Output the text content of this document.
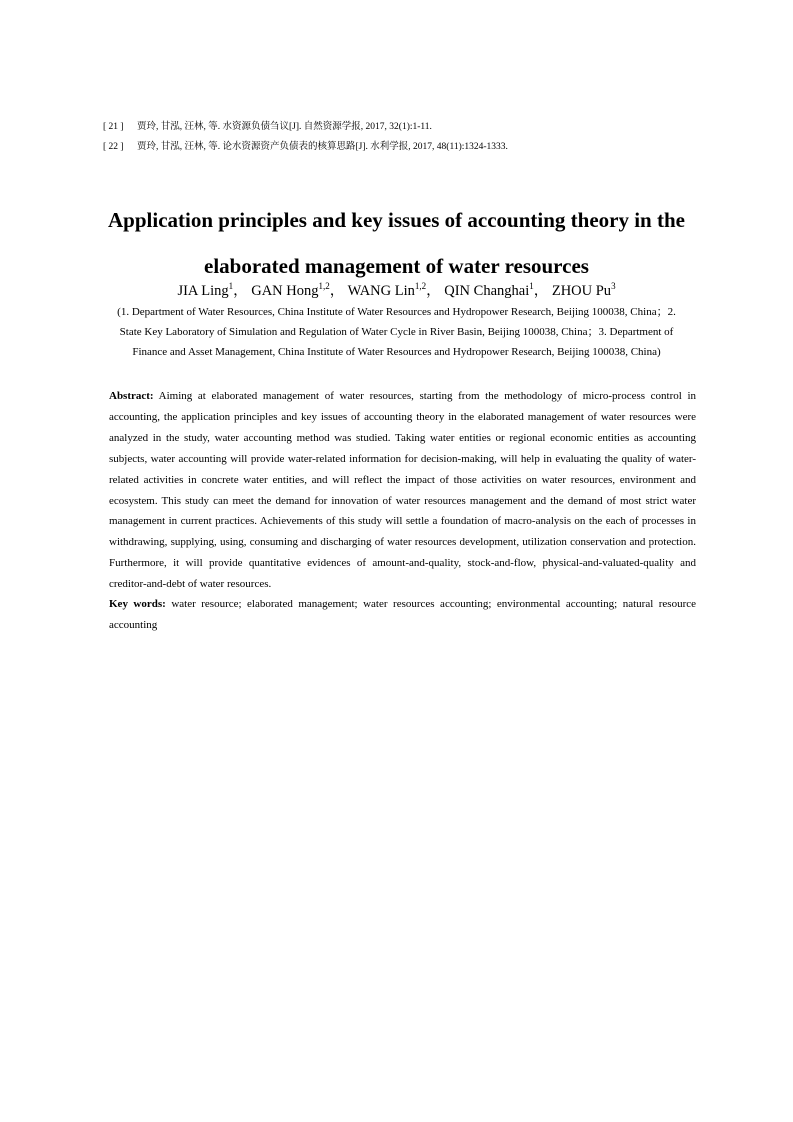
[ 21 ] 贾玲, 甘泓, 汪林, 等. 水资源负债刍议[J]. 自然资源学报, 2017, 32(1):1-11.
[ 22 ] 贾玲, 甘泓, 汪林, 等. 论水资源资产负债表的核算思路[J]. 水利学报, 2017, 48(11):1324-1333.
Application principles and key issues of accounting theory in the
elaborated management of water resources
JIA Ling$^1$， GAN Hong$^{1,2}$， WANG Lin$^{1,2}$， QIN Changhai$^1$， ZHOU Pu$^3$
(1. Department of Water Resources, China Institute of Water Resources and Hydropower Research, Beijing 100038, China；2. State Key Laboratory of Simulation and Regulation of Water Cycle in River Basin, Beijing 100038, China；3. Department of Finance and Asset Management, China Institute of Water Resources and Hydropower Research, Beijing 100038, China)
Abstract: Aiming at elaborated management of water resources, starting from the methodology of micro-process control in accounting, the application principles and key issues of accounting theory in the elaborated management of water resources were analyzed in the study, water accounting method was studied. Taking water entities or regional economic entities as accounting subjects, water accounting will provide water-related information for decision-making, will help in evaluating the quality of water-related activities in concrete water entities, and will reflect the impact of those activities on water resources, environment and ecosystem. This study can meet the demand for innovation of water resources management and the demand of most strict water management in current practices. Achievements of this study will settle a foundation of macro-analysis on the each of processes in withdrawing, supplying, using, consuming and discharging of water resources development, utilization conservation and protection. Furthermore, it will provide quantitative evidences of amount-and-quality, stock-and-flow, physical-and-valuated-quality and creditor-and-debt of water resources.
Key words: water resource; elaborated management; water resources accounting; environmental accounting; natural resource accounting
